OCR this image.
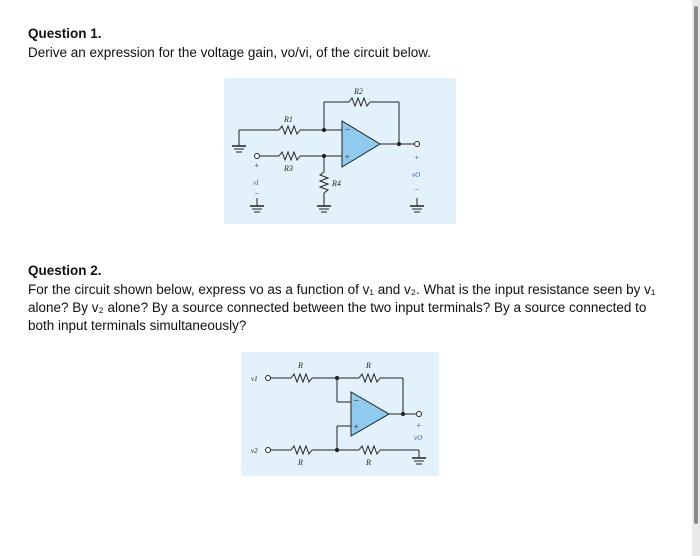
Question 1.
Derive an expression for the voltage gain, vo/vi, of the circuit below.
−
+
R1
R2
R3
R4
+
vI
−
+
vO
−
Question 2.
For the circuit shown below, express vo as a function of v₁ and v₂. What is the input resistance seen by v₁
alone? By v₂ alone? By a source connected between the two input terminals? By a source connected to
both input terminals simultaneously?
−
+
v1
v2
R	R
R	R
+
vO
